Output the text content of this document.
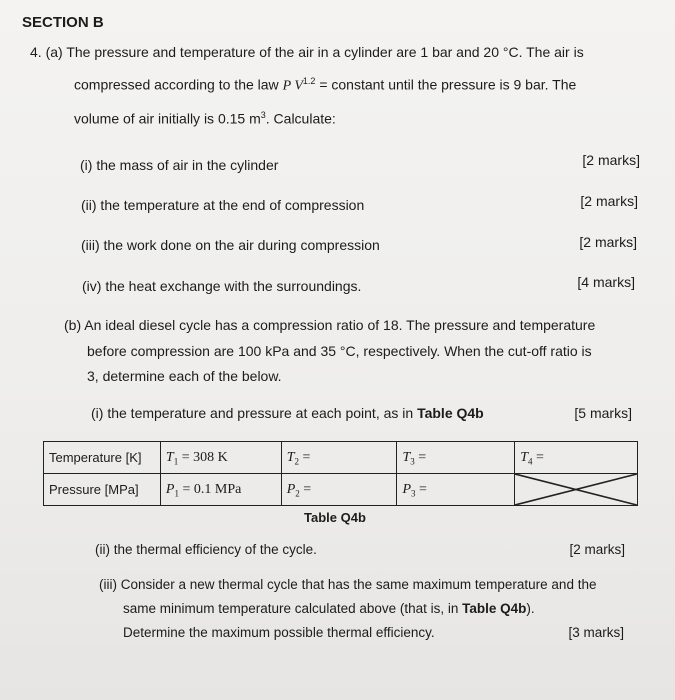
SECTION B
4. (a) The pressure and temperature of the air in a cylinder are 1 bar and 20 °C. The air is
compressed according to the law P $V^{1.2}$ = constant until the pressure is 9 bar. The
volume of air initially is 0.15 $m^3$. Calculate:
(i) the mass of air in the cylinder	[2 marks]
(ii) the temperature at the end of compression	[2 marks]
(iii) the work done on the air during compression	[2 marks]
(iv) the heat exchange with the surroundings.	[4 marks]
(b) An ideal diesel cycle has a compression ratio of 18. The pressure and temperature
before compression are 100 kPa and 35 °C, respectively. When the cut-off ratio is
3, determine each of the below.
(i) the temperature and pressure at each point, as in Table Q4b	[5 marks]
Temperature [K]	$T_1 = 308$ K	$T_2$ =	$T_3$ =	$T_4$ =
Pressure [MPa]	$P_1 = 0.1$ MPa	$P_2$ =	$P_3$ =	
Table Q4b
(ii) the thermal efficiency of the cycle.	[2 marks]
(iii) Consider a new thermal cycle that has the same maximum temperature and the
same minimum temperature calculated above (that is, in Table Q4b).
Determine the maximum possible thermal efficiency.	[3 marks]
